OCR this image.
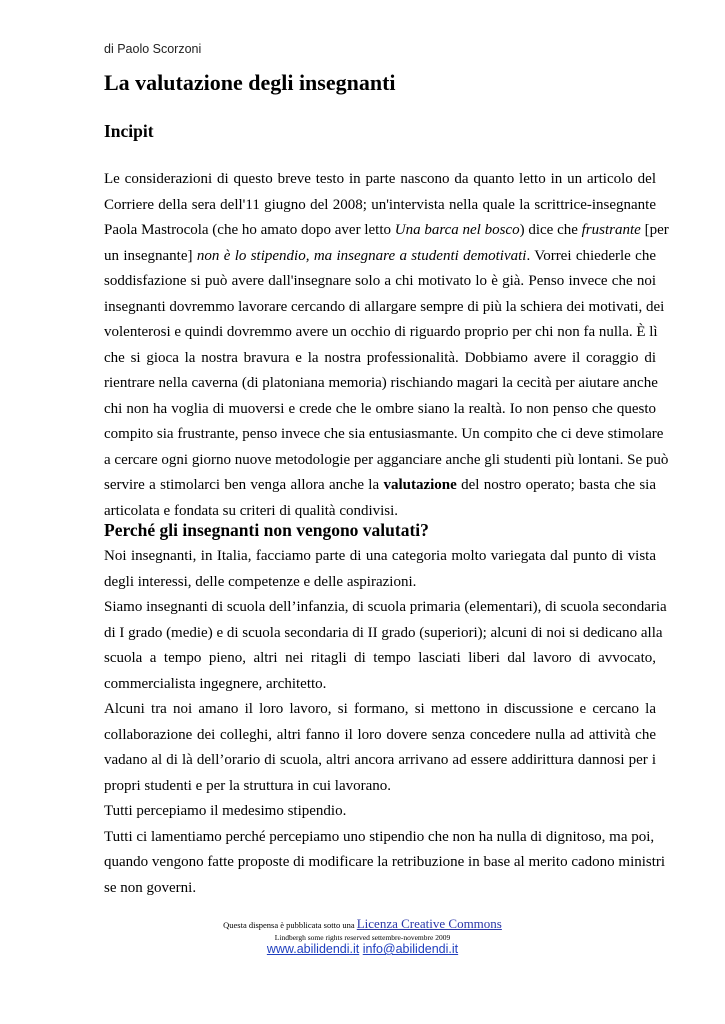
di Paolo Scorzoni
La valutazione degli insegnanti
Incipit
Le considerazioni di questo breve testo in parte nascono da quanto letto in un articolo del
Corriere della sera dell'11 giugno del 2008; un'intervista nella quale la scrittrice-insegnante
Paola Mastrocola (che ho amato dopo aver letto Una barca nel bosco) dice che frustrante [per
un insegnante] non è lo stipendio, ma insegnare a studenti demotivati. Vorrei chiederle che
soddisfazione si può avere dall'insegnare solo a chi motivato lo è già. Penso invece che noi
insegnanti dovremmo lavorare cercando di allargare sempre di più la schiera dei motivati, dei
volenterosi e quindi dovremmo avere un occhio di riguardo proprio per chi non fa nulla. È lì
che si gioca la nostra bravura e la nostra professionalità. Dobbiamo avere il coraggio di
rientrare nella caverna (di platoniana memoria) rischiando magari la cecità per aiutare anche
chi non ha voglia di muoversi e crede che le ombre siano la realtà. Io non penso che questo
compito sia frustrante, penso invece che sia entusiasmante. Un compito che ci deve stimolare
a cercare ogni giorno nuove metodologie per agganciare anche gli studenti più lontani. Se può
servire a stimolarci ben venga allora anche la valutazione del nostro operato; basta che sia
articolata e fondata su criteri di qualità condivisi.
Perché gli insegnanti non vengono valutati?
Noi insegnanti, in Italia, facciamo parte di una categoria molto variegata dal punto di vista
degli interessi, delle competenze e delle aspirazioni.
Siamo insegnanti di scuola dell’infanzia, di scuola primaria (elementari), di scuola secondaria
di I grado (medie) e di scuola secondaria di II grado (superiori); alcuni di noi si dedicano alla
scuola a tempo pieno, altri nei ritagli di tempo lasciati liberi dal lavoro di avvocato,
commercialista ingegnere, architetto.
Alcuni tra noi amano il loro lavoro, si formano, si mettono in discussione e cercano la
collaborazione dei colleghi, altri fanno il loro dovere senza concedere nulla ad attività che
vadano al di là dell’orario di scuola, altri ancora arrivano ad essere addirittura dannosi per i
propri studenti e per la struttura in cui lavorano.
Tutti percepiamo il medesimo stipendio.
Tutti ci lamentiamo perché percepiamo uno stipendio che non ha nulla di dignitoso, ma poi,
quando vengono fatte proposte di modificare la retribuzione in base al merito cadono ministri
se non governi.
Questa dispensa è pubblicata sotto una Licenza Creative Commons
Lindbergh some rights reserved settembre-novembre 2009
www.abilidendi.it info@abilidendi.it
